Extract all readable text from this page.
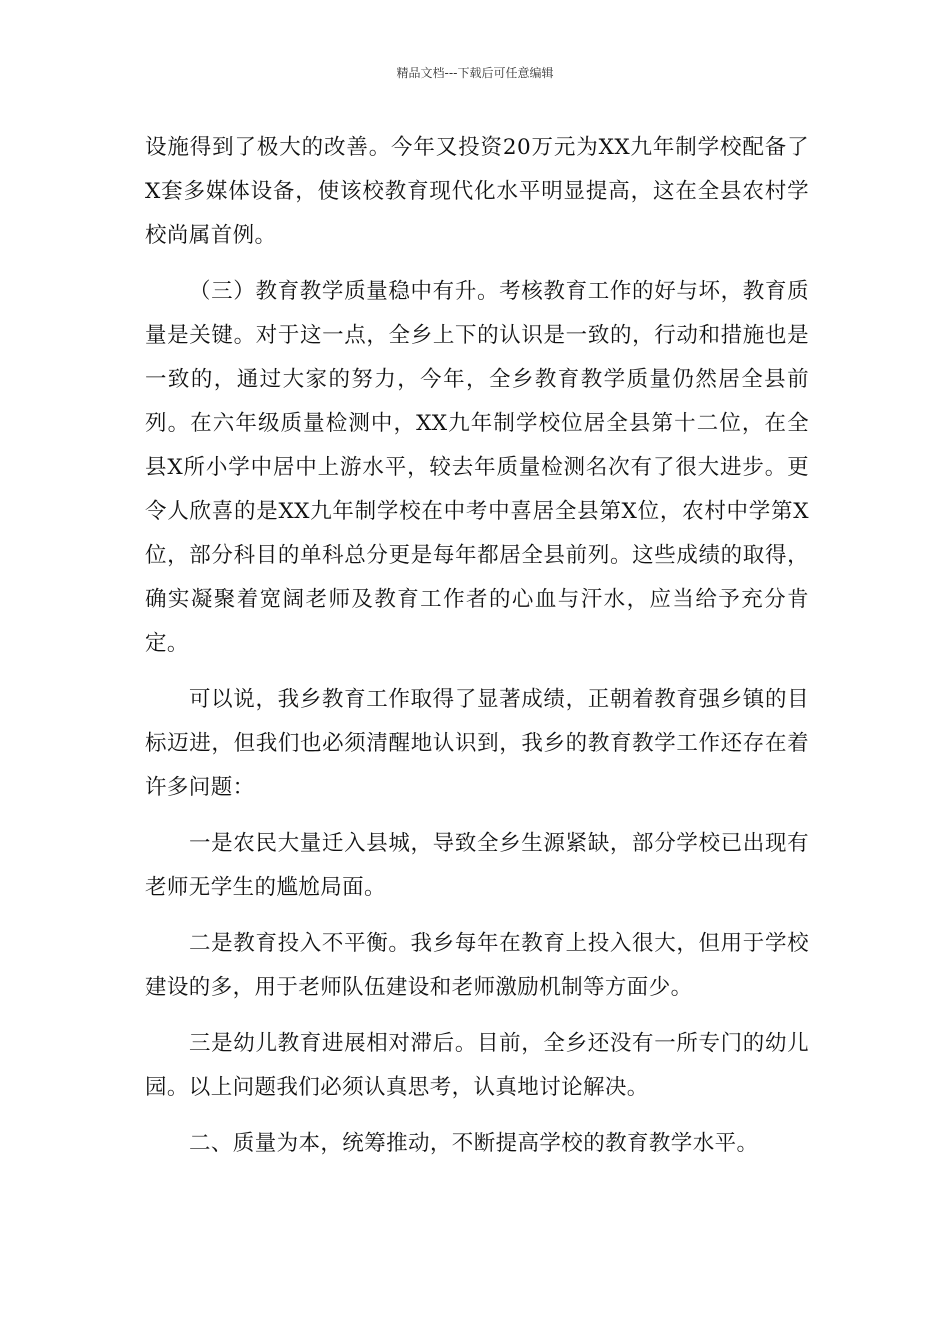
精品文档---下载后可任意编辑

设施得到了极大的改善。今年又投资20万元为XX九年制学校配备了X套多媒体设备，使该校教育现代化水平明显提高，这在全县农村学校尚属首例。

（三）教育教学质量稳中有升。考核教育工作的好与坏，教育质量是关键。对于这一点，全乡上下的认识是一致的，行动和措施也是一致的，通过大家的努力，今年，全乡教育教学质量仍然居全县前列。在六年级质量检测中，XX九年制学校位居全县第十二位，在全县X所小学中居中上游水平，较去年质量检测名次有了很大进步。更令人欣喜的是XX九年制学校在中考中喜居全县第X位，农村中学第X位，部分科目的单科总分更是每年都居全县前列。这些成绩的取得，确实凝聚着宽阔老师及教育工作者的心血与汗水，应当给予充分肯定。

可以说，我乡教育工作取得了显著成绩，正朝着教育强乡镇的目标迈进，但我们也必须清醒地认识到，我乡的教育教学工作还存在着许多问题：

一是农民大量迁入县城，导致全乡生源紧缺，部分学校已出现有老师无学生的尴尬局面。

二是教育投入不平衡。我乡每年在教育上投入很大，但用于学校建设的多，用于老师队伍建设和老师激励机制等方面少。

三是幼儿教育进展相对滞后。目前，全乡还没有一所专门的幼儿园。以上问题我们必须认真思考，认真地讨论解决。

二、质量为本，统筹推动，不断提高学校的教育教学水平。
